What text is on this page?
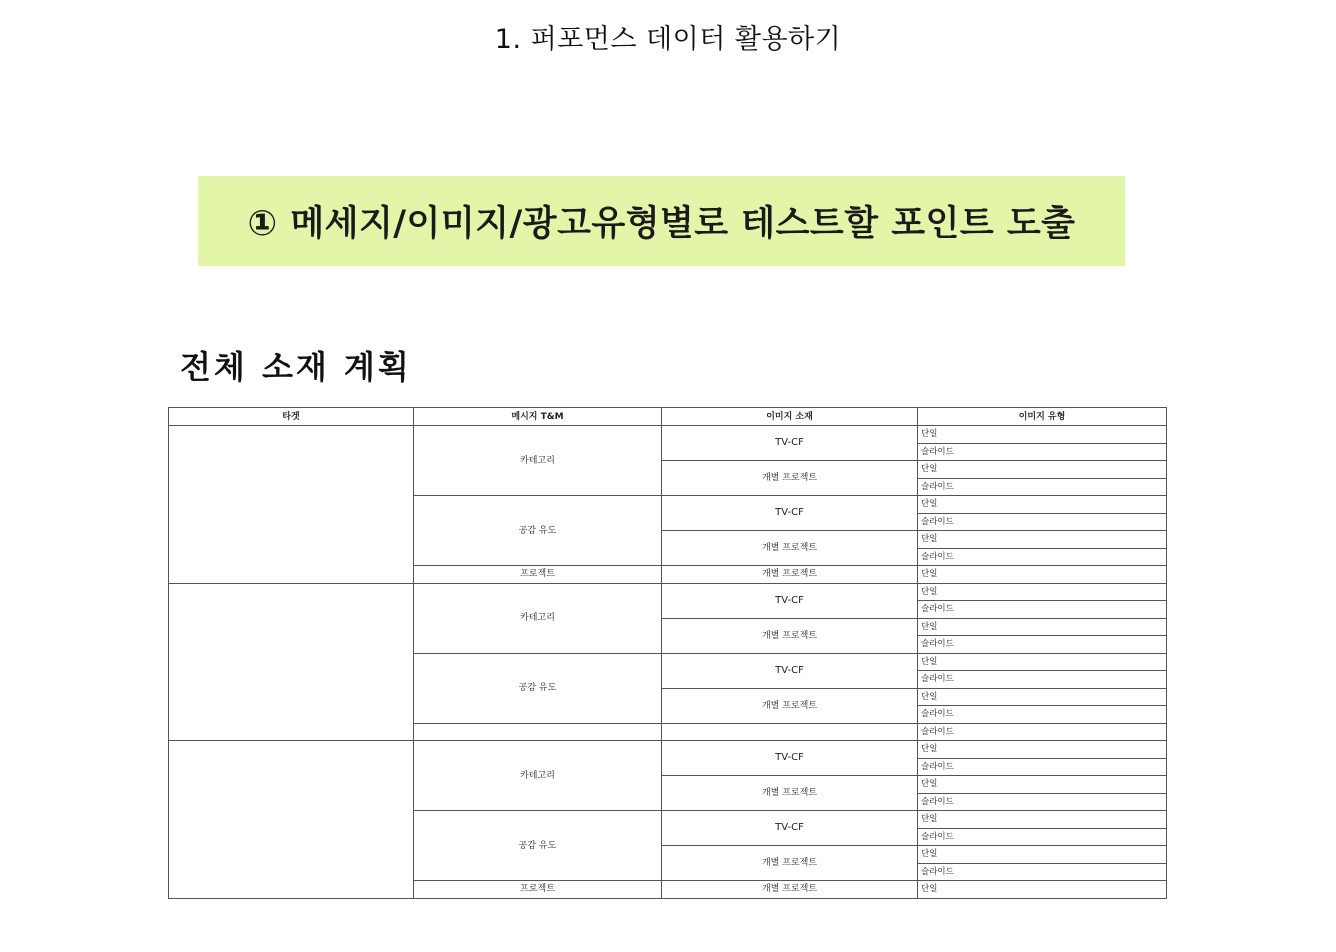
1. 퍼포먼스 데이터 활용하기
① 메세지/이미지/광고유형별로 테스트할 포인트 도출
전체 소재 계획
타겟	메시지 T&M	이미지 소재	이미지 유형
	카테고리	TV-CF	단일
			슬라이드
		개별 프로젝트	단일
			슬라이드
	공감 유도	TV-CF	단일
			슬라이드
		개별 프로젝트	단일
			슬라이드
	프로젝트	개별 프로젝트	단일
	카테고리	TV-CF	단일
			슬라이드
		개별 프로젝트	단일
			슬라이드
	공감 유도	TV-CF	단일
			슬라이드
		개별 프로젝트	단일
			슬라이드
			슬라이드
	카테고리	TV-CF	단일
			슬라이드
		개별 프로젝트	단일
			슬라이드
	공감 유도	TV-CF	단일
			슬라이드
		개별 프로젝트	단일
			슬라이드
	프로젝트	개별 프로젝트	단일
